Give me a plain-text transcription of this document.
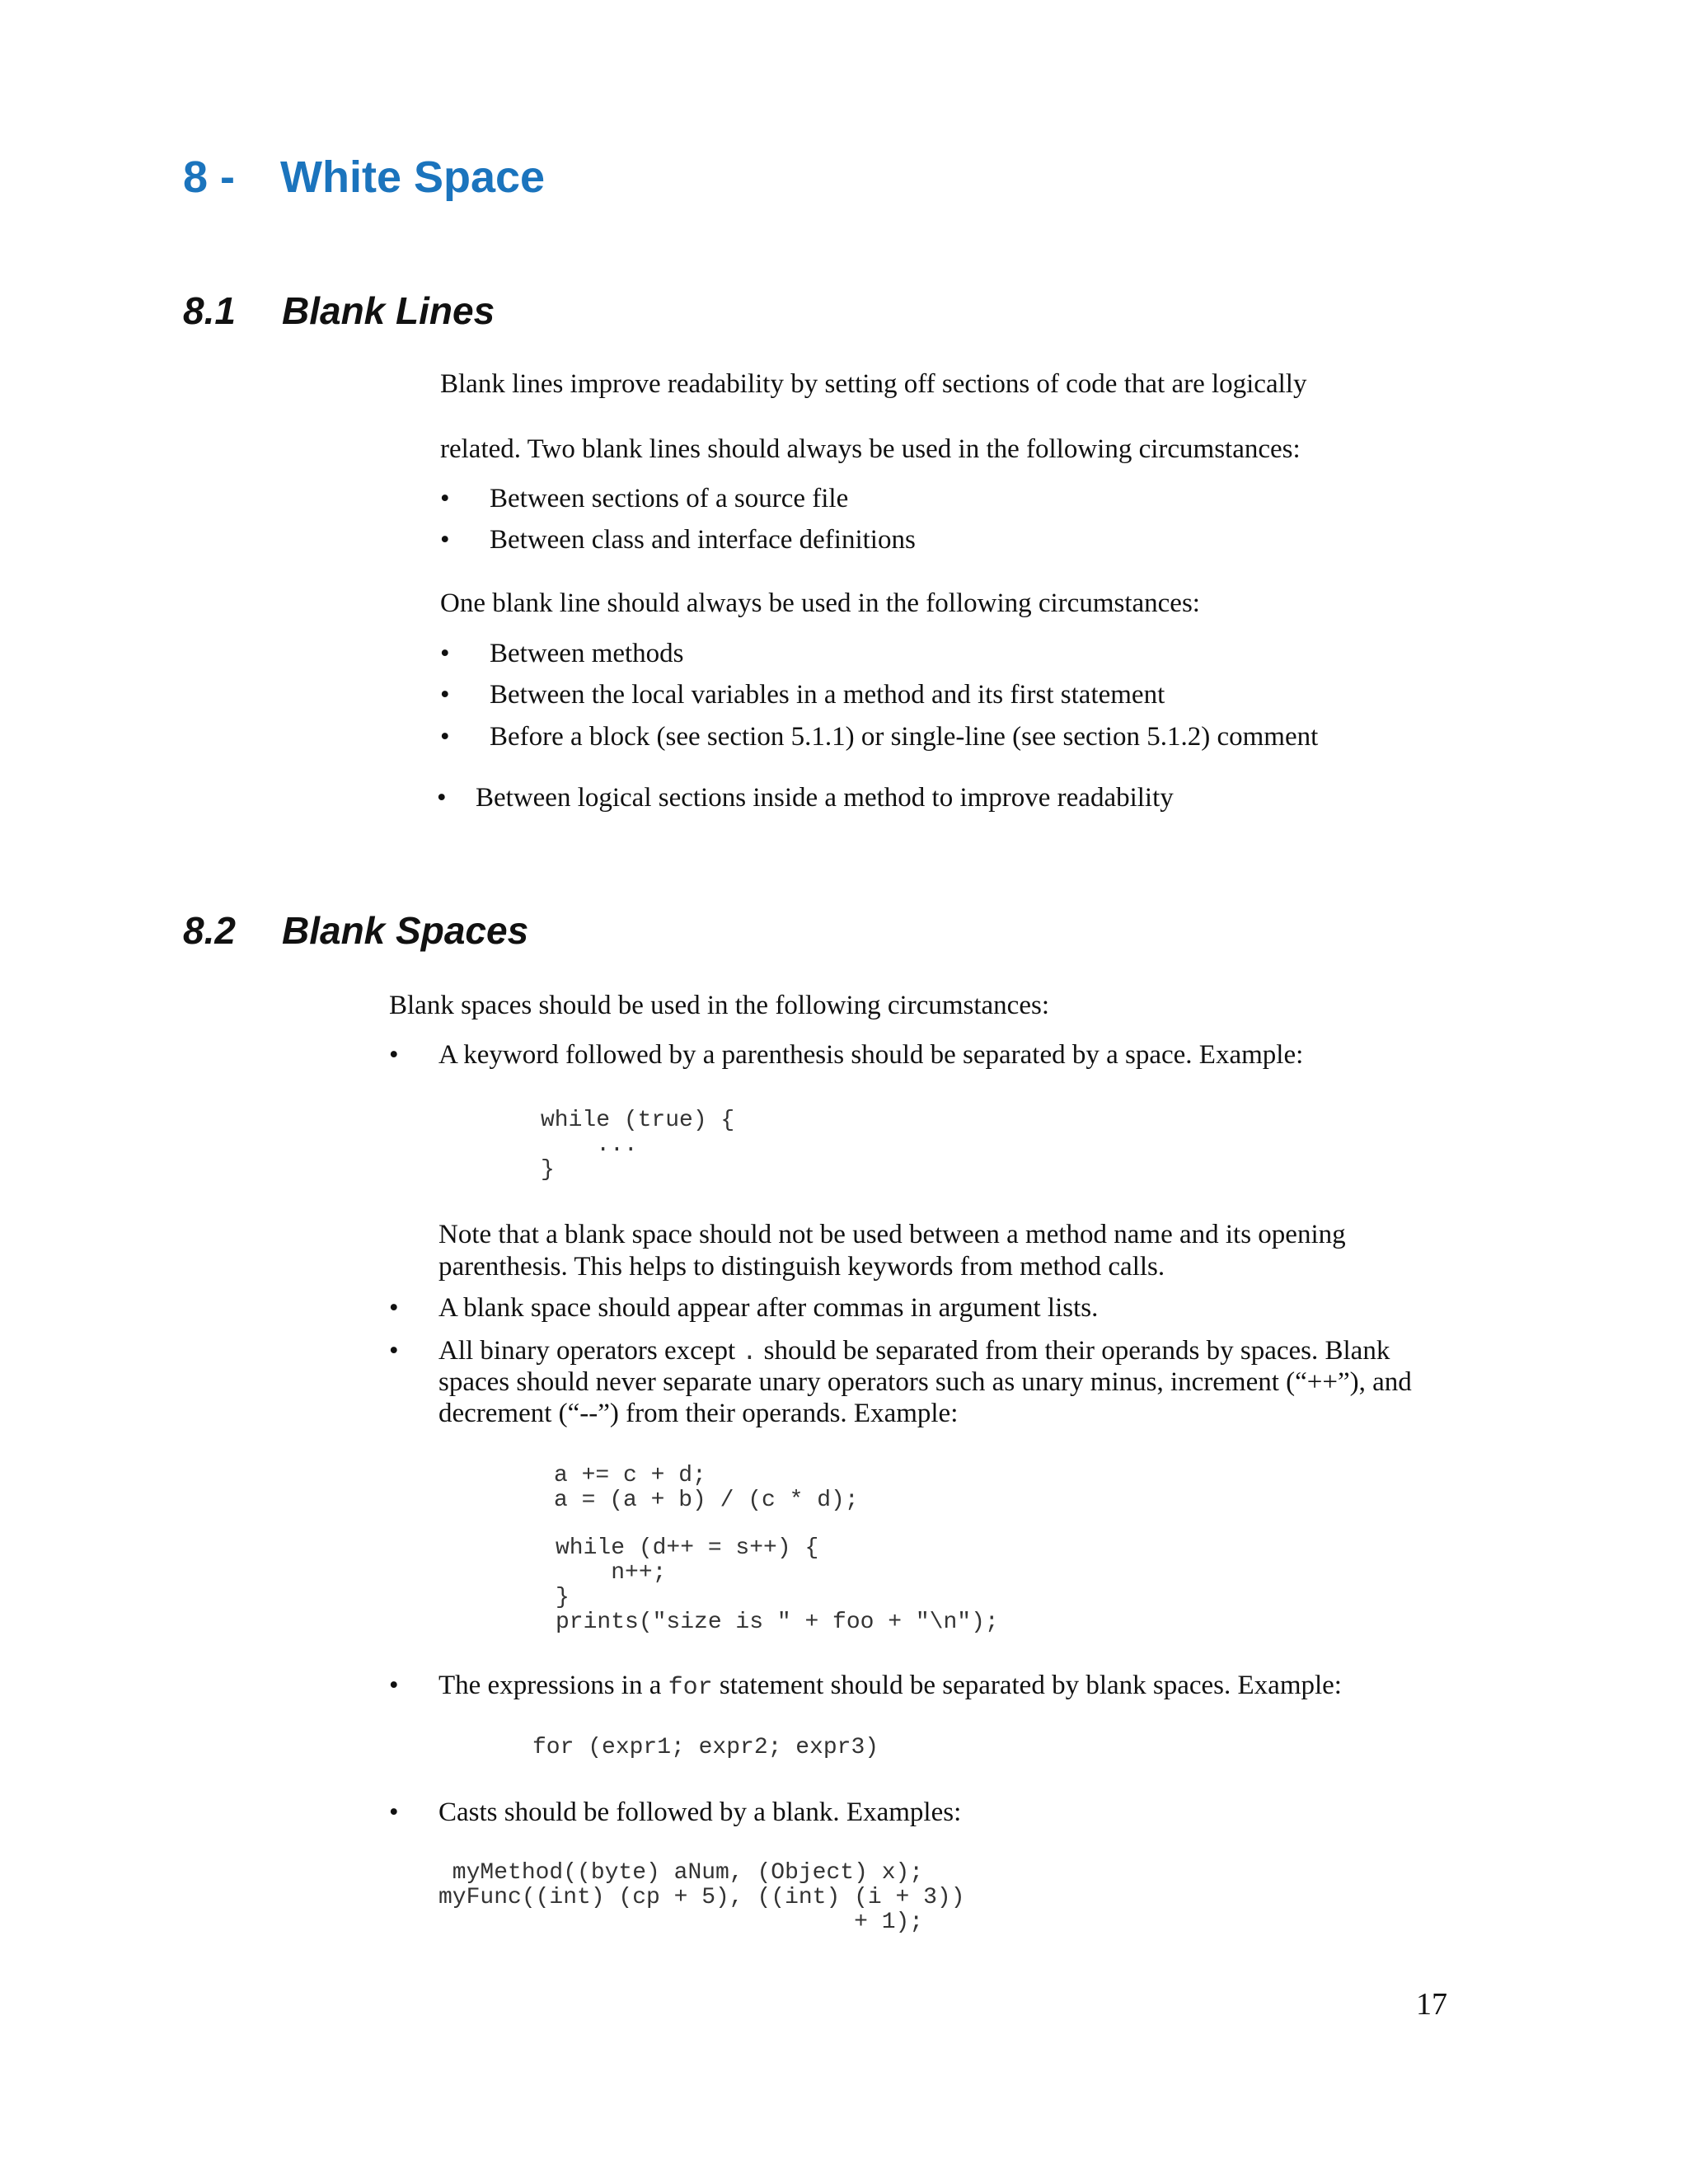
8 - White Space
8.1 Blank Lines
Blank lines improve readability by setting off sections of code that are logically
related. Two blank lines should always be used in the following circumstances:
• Between sections of a source file
• Between class and interface definitions
One blank line should always be used in the following circumstances:
• Between methods
• Between the local variables in a method and its first statement
• Before a block (see section 5.1.1) or single-line (see section 5.1.2) comment
• Between logical sections inside a method to improve readability
8.2 Blank Spaces
Blank spaces should be used in the following circumstances:
• A keyword followed by a parenthesis should be separated by a space. Example:
while (true) {
...
}
Note that a blank space should not be used between a method name and its opening
parenthesis. This helps to distinguish keywords from method calls.
• A blank space should appear after commas in argument lists.
• All binary operators except . should be separated from their operands by spaces. Blank
spaces should never separate unary operators such as unary minus, increment (“++”), and
decrement (“--”) from their operands. Example:
a += c + d;
a = (a + b) / (c * d);
while (d++ = s++) {
n++;
}
prints("size is " + foo + "\n");
• The expressions in a for statement should be separated by blank spaces. Example:
for (expr1; expr2; expr3)
• Casts should be followed by a blank. Examples:
myMethod((byte) aNum, (Object) x);
myFunc((int) (cp + 5), ((int) (i + 3))
+ 1);
17
